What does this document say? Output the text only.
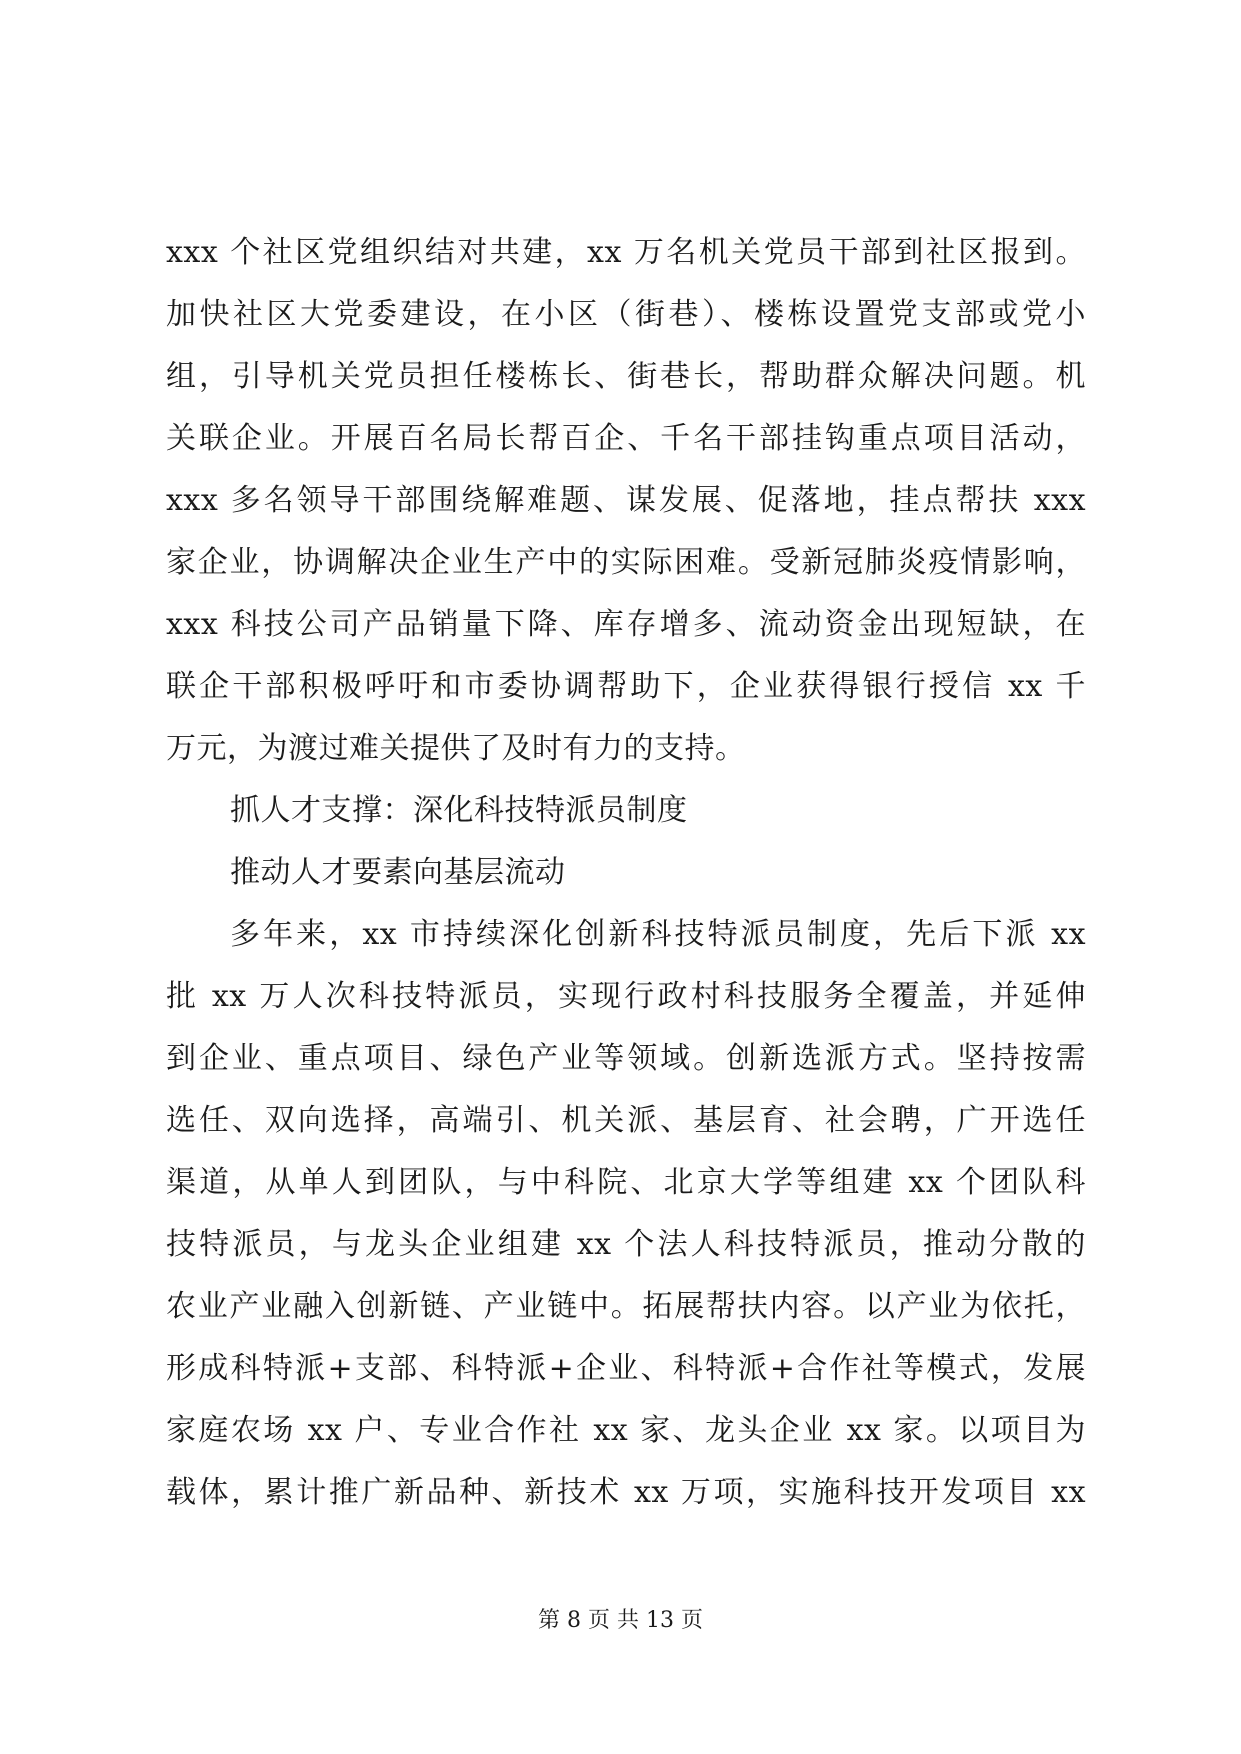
xxx 个社区党组织结对共建，xx 万名机关党员干部到社区报到。
加快社区大党委建设，在小区（街巷）、楼栋设置党支部或党小
组，引导机关党员担任楼栋长、街巷长，帮助群众解决问题。机
关联企业。开展百名局长帮百企、千名干部挂钩重点项目活动，
xxx 多名领导干部围绕解难题、谋发展、促落地，挂点帮扶 xxx
家企业，协调解决企业生产中的实际困难。受新冠肺炎疫情影响，
xxx 科技公司产品销量下降、库存增多、流动资金出现短缺，在
联企干部积极呼吁和市委协调帮助下，企业获得银行授信 xx 千
万元，为渡过难关提供了及时有力的支持。
抓人才支撑：深化科技特派员制度
推动人才要素向基层流动
多年来，xx 市持续深化创新科技特派员制度，先后下派 xx
批 xx 万人次科技特派员，实现行政村科技服务全覆盖，并延伸
到企业、重点项目、绿色产业等领域。创新选派方式。坚持按需
选任、双向选择，高端引、机关派、基层育、社会聘，广开选任
渠道，从单人到团队，与中科院、北京大学等组建 xx 个团队科
技特派员，与龙头企业组建 xx 个法人科技特派员，推动分散的
农业产业融入创新链、产业链中。拓展帮扶内容。以产业为依托，
形成科特派+支部、科特派+企业、科特派+合作社等模式，发展
家庭农场 xx 户、专业合作社 xx 家、龙头企业 xx 家。以项目为
载体，累计推广新品种、新技术 xx 万项，实施科技开发项目 xx
第 8 页 共 13 页
